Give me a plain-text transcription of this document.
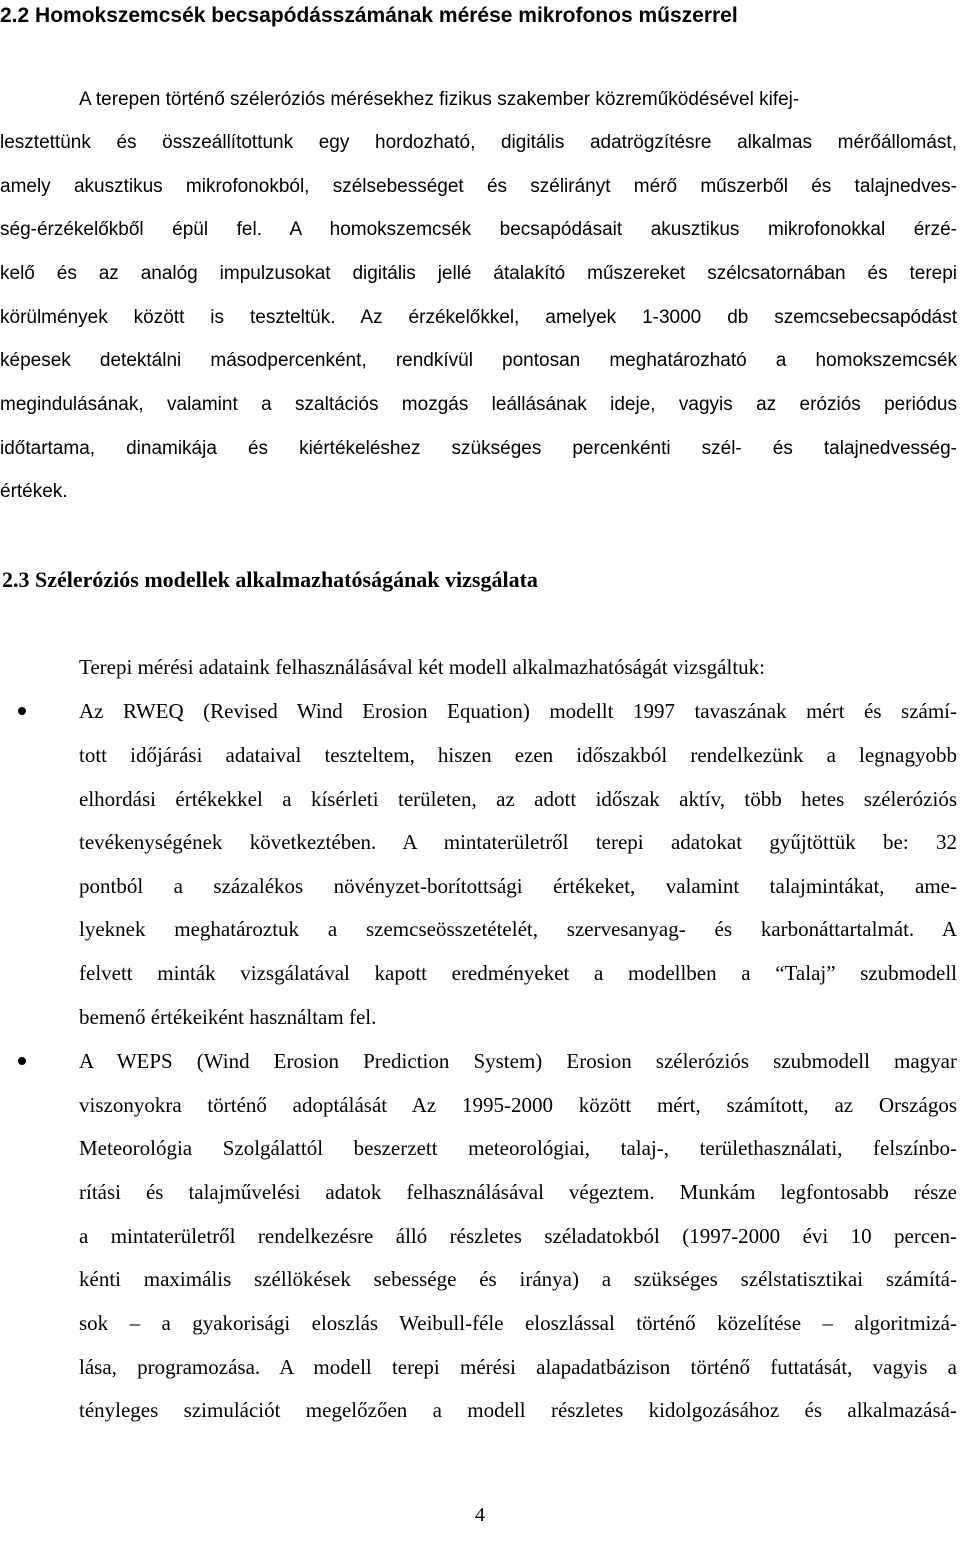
2.2 Homokszemcsék becsapódásszámának mérése mikrofonos műszerrel
A terepen történő széleróziós mérésekhez fizikus szakember közreműködésével kifej-
lesztettünk és összeállítottunk egy hordozható, digitális adatrögzítésre alkalmas mérőállomást,
amely akusztikus mikrofonokból, szélsebességet és szélirányt mérő műszerből és talajnedves-
ség-érzékelőkből épül fel. A homokszemcsék becsapódásait akusztikus mikrofonokkal érzé-
kelő és az analóg impulzusokat digitális jellé átalakító műszereket szélcsatornában és terepi
körülmények között is teszteltük. Az érzékelőkkel, amelyek 1-3000 db szemcsebecsapódást
képesek detektálni másodpercenként, rendkívül pontosan meghatározható a homokszemcsék
megindulásának, valamint a szaltációs mozgás leállásának ideje, vagyis az eróziós periódus
időtartama, dinamikája és kiértékeléshez szükséges percenkénti szél- és talajnedvesség-
értékek.
2.3 Széleróziós modellek alkalmazhatóságának vizsgálata
Terepi mérési adataink felhasználásával két modell alkalmazhatóságát vizsgáltuk:
Az RWEQ (Revised Wind Erosion Equation) modellt 1997 tavaszának mért és számí-
tott időjárási adataival teszteltem, hiszen ezen időszakból rendelkezünk a legnagyobb
elhordási értékekkel a kísérleti területen, az adott időszak aktív, több hetes széleróziós
tevékenységének következtében. A mintaterületről terepi adatokat gyűjtöttük be: 32
pontból a százalékos növényzet-borítottsági értékeket, valamint talajmintákat, ame-
lyeknek meghatároztuk a szemcseösszetételét, szervesanyag- és karbonáttartalmát. A
felvett minták vizsgálatával kapott eredményeket a modellben a “Talaj” szubmodell
bemenő értékeiként használtam fel.
A WEPS (Wind Erosion Prediction System) Erosion széleróziós szubmodell magyar
viszonyokra történő adoptálását Az 1995-2000 között mért, számított, az Országos
Meteorológia Szolgálattól beszerzett meteorológiai, talaj-, területhasználati, felszínbo-
rítási és talajművelési adatok felhasználásával végeztem. Munkám legfontosabb része
a mintaterületről rendelkezésre álló részletes széladatokból (1997-2000 évi 10 percen-
kénti maximális széllökések sebessége és iránya) a szükséges szélstatisztikai számítá-
sok – a gyakorisági eloszlás Weibull-féle eloszlással történő közelítése – algoritmizá-
lása, programozása. A modell terepi mérési alapadatbázison történő futtatását, vagyis a
tényleges szimulációt megelőzően a modell részletes kidolgozásához és alkalmazásá-
4
